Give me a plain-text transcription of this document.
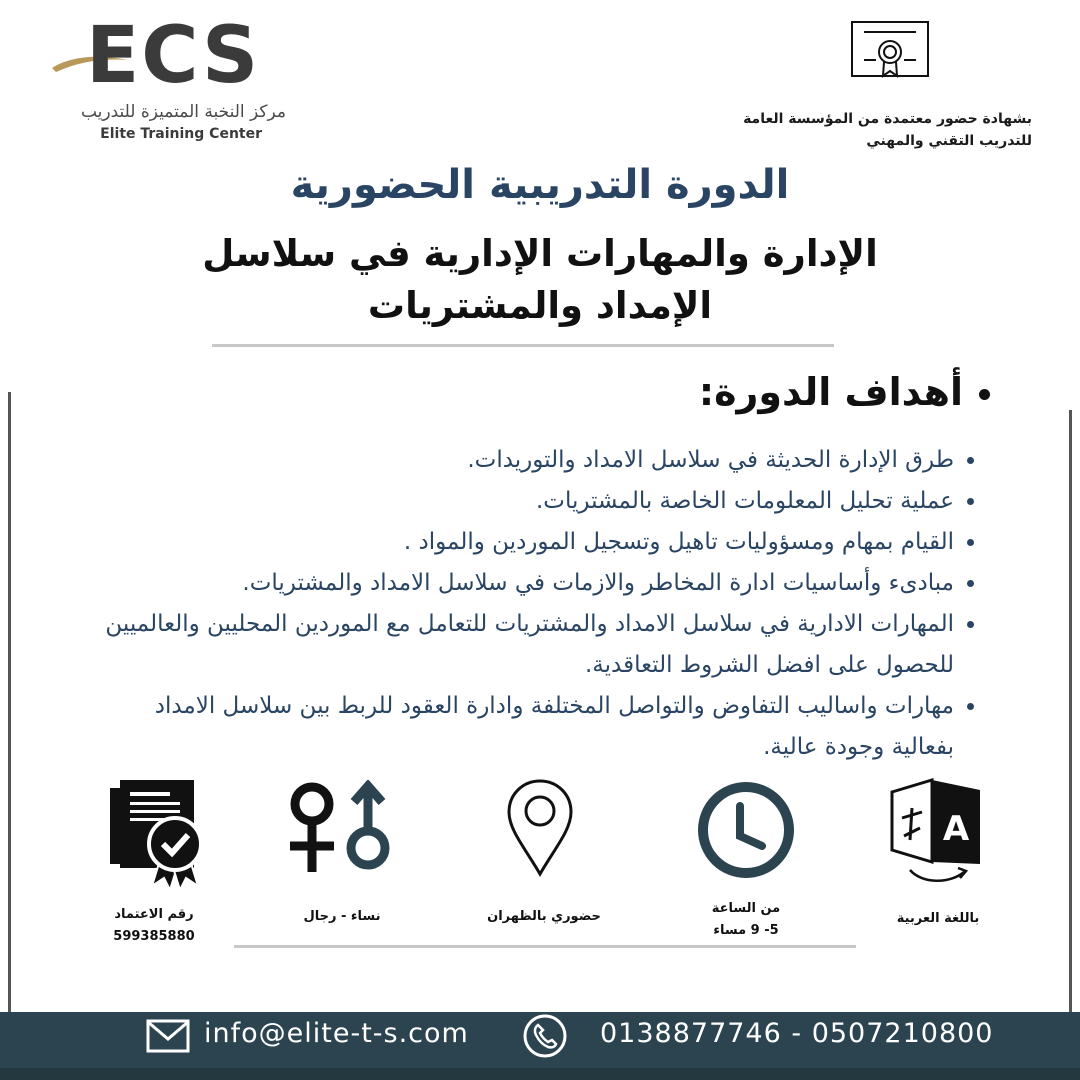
ECS
مركز النخبة المتميزة للتدريب
Elite Training Center
بشهادة حضور معتمدة من المؤسسة العامة للتدريب التقني والمهني
الدورة التدريبية الحضورية
الإدارة والمهارات الإدارية في سلاسل الإمداد والمشتريات
أهداف الدورة:
طرق الإدارة الحديثة في سلاسل الامداد والتوريدات.
عملية تحليل المعلومات الخاصة بالمشتريات.
القيام بمهام ومسؤوليات تاهيل وتسجيل الموردين والمواد .
مبادىء وأساسيات ادارة المخاطر والازمات في سلاسل الامداد والمشتريات.
المهارات الادارية في سلاسل الامداد والمشتريات للتعامل مع الموردين المحليين والعالميين للحصول على افضل الشروط التعاقدية.
مهارات واساليب التفاوض والتواصل المختلفة وادارة العقود للربط بين سلاسل الامداد بفعالية وجودة عالية.
A
باللغة العربية
من الساعة
5- 9 مساء
حضوري بالظهران
نساء - رجال
رقم الاعتماد
599385880
info@elite-t-s.com	0138877746 - 0507210800
